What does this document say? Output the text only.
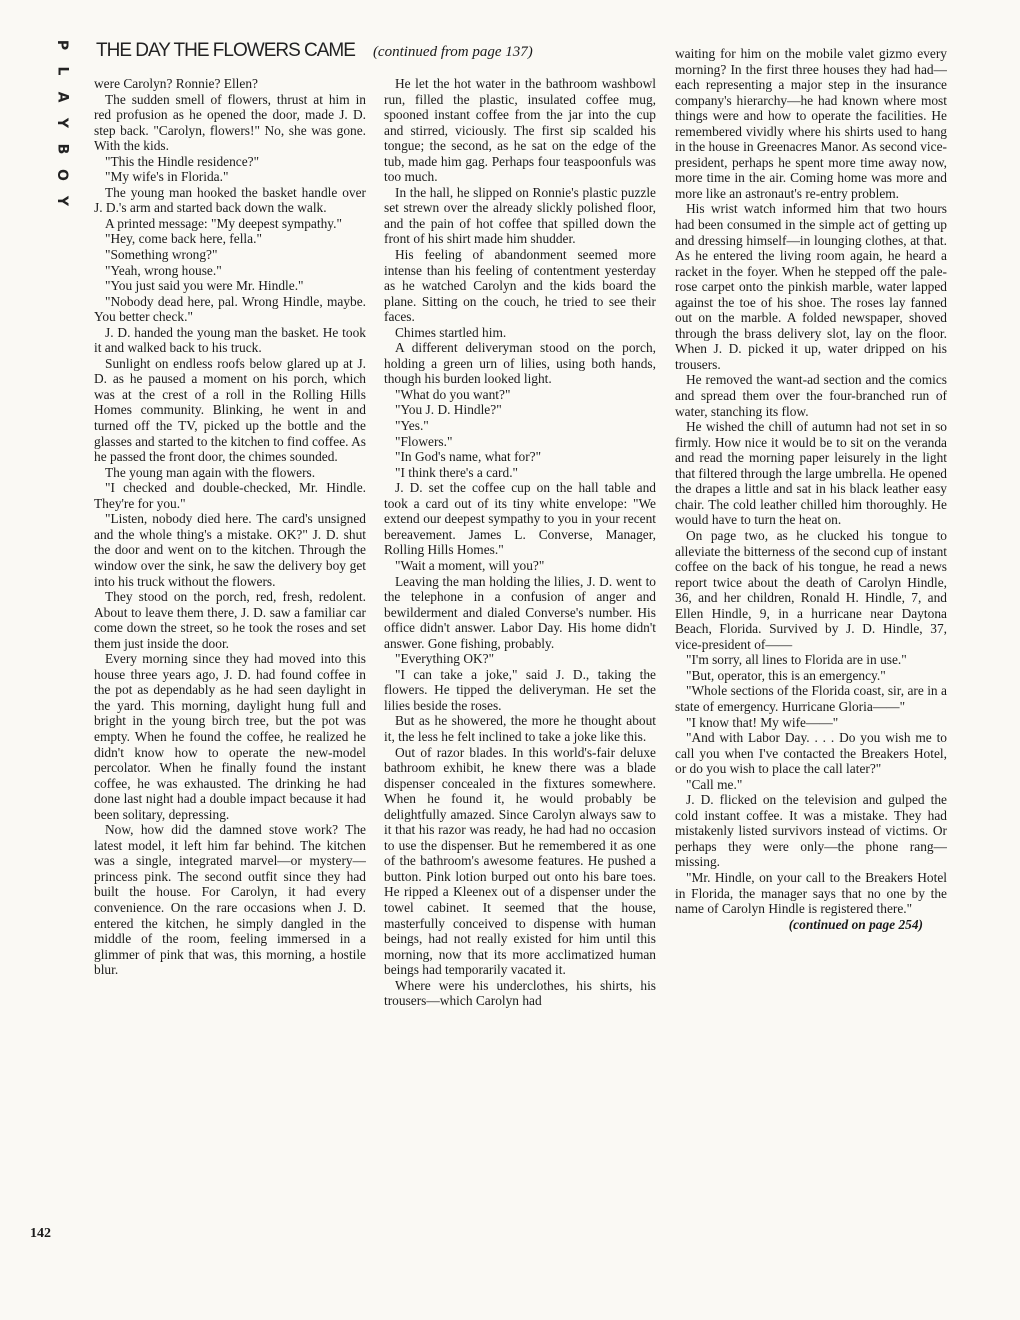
P
L
A
Y
B
O
Y
THE DAY THE FLOWERS CAME (continued from page 137)

were Carolyn? Ronnie? Ellen?

The sudden smell of flowers, thrust at him in red profusion as he opened the door, made J. D. step back. "Carolyn, flowers!" No, she was gone. With the kids.

"This the Hindle residence?"

"My wife's in Florida."

The young man hooked the basket handle over J. D.'s arm and started back down the walk.

A printed message: "My deepest sympathy."

"Hey, come back here, fella."

"Something wrong?"

"Yeah, wrong house."

"You just said you were Mr. Hindle."

"Nobody dead here, pal. Wrong Hindle, maybe. You better check."

J. D. handed the young man the basket. He took it and walked back to his truck.

Sunlight on endless roofs below glared up at J. D. as he paused a moment on his porch, which was at the crest of a roll in the Rolling Hills Homes community. Blinking, he went in and turned off the TV, picked up the bottle and the glasses and started to the kitchen to find coffee. As he passed the front door, the chimes sounded.

The young man again with the flowers.

"I checked and double-checked, Mr. Hindle. They're for you."

"Listen, nobody died here. The card's unsigned and the whole thing's a mistake. OK?" J. D. shut the door and went on to the kitchen. Through the window over the sink, he saw the delivery boy get into his truck without the flowers.

They stood on the porch, red, fresh, redolent. About to leave them there, J. D. saw a familiar car come down the street, so he took the roses and set them just inside the door.

Every morning since they had moved into this house three years ago, J. D. had found coffee in the pot as dependably as he had seen daylight in the yard. This morning, daylight hung full and bright in the young birch tree, but the pot was empty. When he found the coffee, he realized he didn't know how to operate the new-model percolator. When he finally found the instant coffee, he was exhausted. The drinking he had done last night had a double impact because it had been solitary, depressing.

Now, how did the damned stove work? The latest model, it left him far behind. The kitchen was a single, integrated marvel—or mystery—princess pink. The second outfit since they had built the house. For Carolyn, it had every convenience. On the rare occasions when J. D. entered the kitchen, he simply dangled in the middle of the room, feeling immersed in a glimmer of pink that was, this morning, a hostile blur.

He let the hot water in the bathroom washbowl run, filled the plastic, insulated coffee mug, spooned instant coffee from the jar into the cup and stirred, viciously. The first sip scalded his tongue; the second, as he sat on the edge of the tub, made him gag. Perhaps four teaspoonfuls was too much.

In the hall, he slipped on Ronnie's plastic puzzle set strewn over the already slickly polished floor, and the pain of hot coffee that spilled down the front of his shirt made him shudder.

His feeling of abandonment seemed more intense than his feeling of contentment yesterday as he watched Carolyn and the kids board the plane. Sitting on the couch, he tried to see their faces.

Chimes startled him.

A different deliveryman stood on the porch, holding a green urn of lilies, using both hands, though his burden looked light.

"What do you want?"

"You J. D. Hindle?"

"Yes."

"Flowers."

"In God's name, what for?"

"I think there's a card."

J. D. set the coffee cup on the hall table and took a card out of its tiny white envelope: "We extend our deepest sympathy to you in your recent bereavement. James L. Converse, Manager, Rolling Hills Homes."

"Wait a moment, will you?"

Leaving the man holding the lilies, J. D. went to the telephone in a confusion of anger and bewilderment and dialed Converse's number. His office didn't answer. Labor Day. His home didn't answer. Gone fishing, probably.

"Everything OK?"

"I can take a joke," said J. D., taking the flowers. He tipped the deliveryman. He set the lilies beside the roses.

But as he showered, the more he thought about it, the less he felt inclined to take a joke like this.

Out of razor blades. In this world's-fair deluxe bathroom exhibit, he knew there was a blade dispenser concealed in the fixtures somewhere. When he found it, he would probably be delightfully amazed. Since Carolyn always saw to it that his razor was ready, he had had no occasion to use the dispenser. But he remembered it as one of the bathroom's awesome features. He pushed a button. Pink lotion burped out onto his bare toes. He ripped a Kleenex out of a dispenser under the towel cabinet. It seemed that the house, masterfully conceived to dispense with human beings, had not really existed for him until this morning, now that its more acclimatized human beings had temporarily vacated it.

Where were his underclothes, his shirts, his trousers—which Carolyn had

waiting for him on the mobile valet gizmo every morning? In the first three houses they had had—each representing a major step in the insurance company's hierarchy—he had known where most things were and how to operate the facilities. He remembered vividly where his shirts used to hang in the house in Greenacres Manor. As second vice-president, perhaps he spent more time away now, more time in the air. Coming home was more and more like an astronaut's re-entry problem.

His wrist watch informed him that two hours had been consumed in the simple act of getting up and dressing himself—in lounging clothes, at that. As he entered the living room again, he heard a racket in the foyer. When he stepped off the pale-rose carpet onto the pinkish marble, water lapped against the toe of his shoe. The roses lay fanned out on the marble. A folded newspaper, shoved through the brass delivery slot, lay on the floor. When J. D. picked it up, water dripped on his trousers.

He removed the want-ad section and the comics and spread them over the four-branched run of water, stanching its flow.

He wished the chill of autumn had not set in so firmly. How nice it would be to sit on the veranda and read the morning paper leisurely in the light that filtered through the large umbrella. He opened the drapes a little and sat in his black leather easy chair. The cold leather chilled him thoroughly. He would have to turn the heat on.

On page two, as he clucked his tongue to alleviate the bitterness of the second cup of instant coffee on the back of his tongue, he read a news report twice about the death of Carolyn Hindle, 36, and her children, Ronald H. Hindle, 7, and Ellen Hindle, 9, in a hurricane near Daytona Beach, Florida. Survived by J. D. Hindle, 37, vice-president of——

"I'm sorry, all lines to Florida are in use."

"But, operator, this is an emergency."

"Whole sections of the Florida coast, sir, are in a state of emergency. Hurricane Gloria——"

"I know that! My wife——"

"And with Labor Day. . . . Do you wish me to call you when I've contacted the Breakers Hotel, or do you wish to place the call later?"

"Call me."

J. D. flicked on the television and gulped the cold instant coffee. It was a mistake. They had mistakenly listed survivors instead of victims. Or perhaps they were only—the phone rang—missing.

"Mr. Hindle, on your call to the Breakers Hotel in Florida, the manager says that no one by the name of Carolyn Hindle is registered there."

(continued on page 254)

142
